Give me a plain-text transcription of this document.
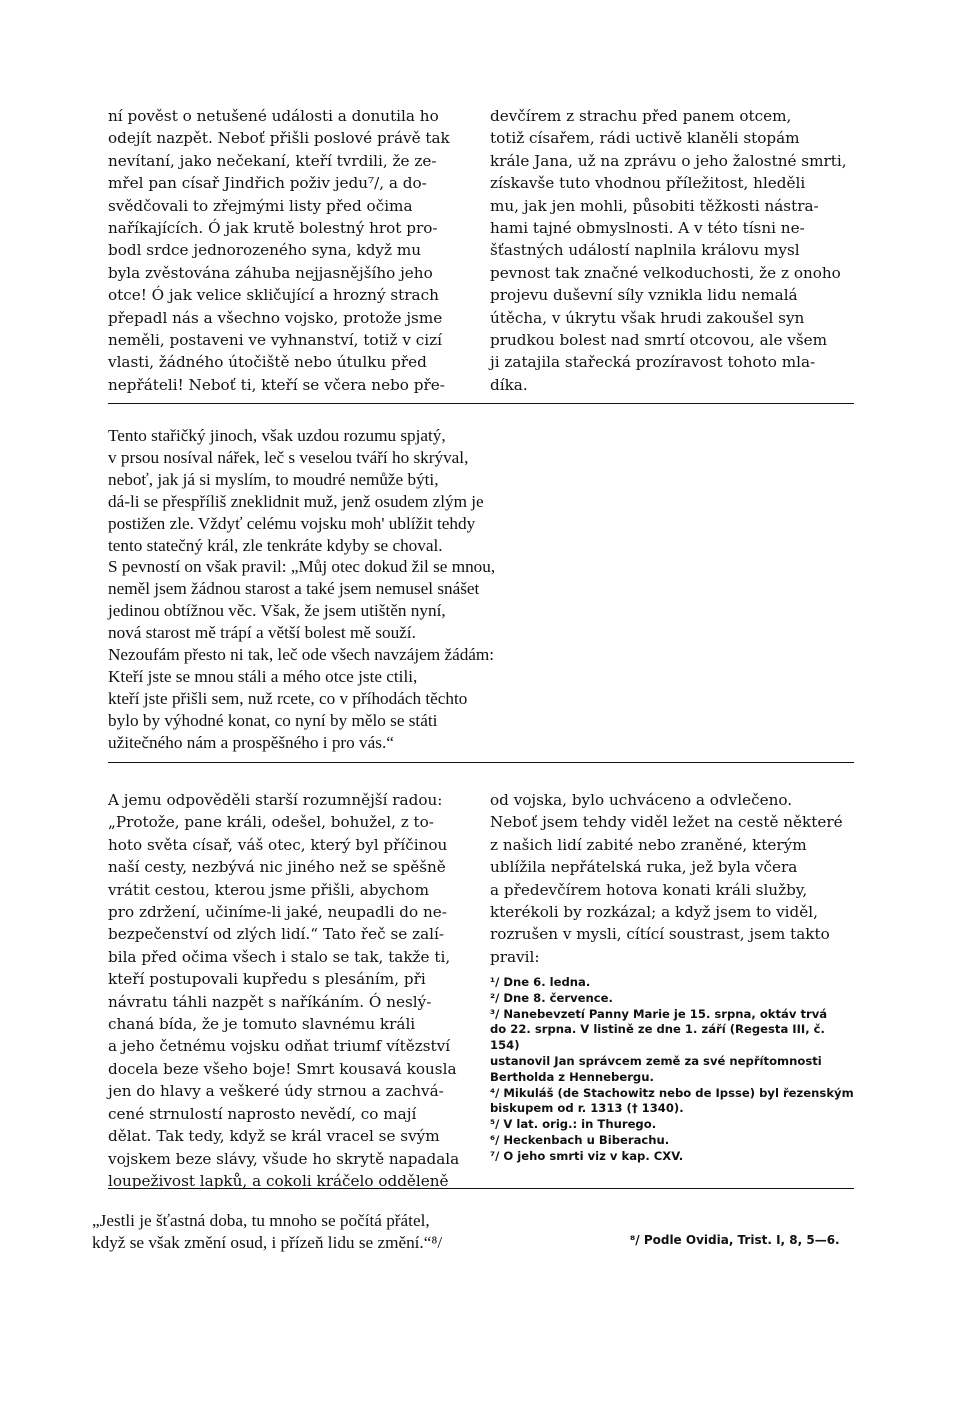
ní pověst o netušené události a donutila ho

odejít nazpět. Neboť přišli poslové právě tak

nevítaní, jako nečekaní, kteří tvrdili, že ze-

mřel pan císař Jindřich poživ jedu⁷/, a do-

svědčovali to zřejmými listy před očima

naříkajících. Ó jak krutě bolestný hrot pro-

bodl srdce jednorozeného syna, když mu

byla zvěstována záhuba nejjasnějšího jeho

otce! Ó jak velice skličující a hrozný strach

přepadl nás a všechno vojsko, protože jsme

neměli, postaveni ve vyhnanství, totiž v cizí

vlasti, žádného útočiště nebo útulku před

nepřáteli! Neboť ti, kteří se včera nebo pře-

devčírem z strachu před panem otcem,

totiž císařem, rádi uctivě klaněli stopám

krále Jana, už na zprávu o jeho žalostné smrti,

získavše tuto vhodnou příležitost, hleděli

mu, jak jen mohli, působiti těžkosti nástra-

hami tajné obmyslnosti. A v této tísni ne-

šťastných událostí naplnila královu mysl

pevnost tak značné velkoduchosti, že z onoho

projevu duševní síly vznikla lidu nemalá

útěcha, v úkrytu však hrudi zakoušel syn

prudkou bolest nad smrtí otcovou, ale všem

ji zatajila stařecká prozíravost tohoto mla-

díka.

Tento stařičký jinoch, však uzdou rozumu spjatý,
v prsou nosíval nářek, leč s veselou tváří ho skrýval,
neboť, jak já si myslím, to moudré nemůže býti,
dá-li se přespříliš zneklidnit muž, jenž osudem zlým je
postižen zle. Vždyť celému vojsku moh' ublížit tehdy
tento statečný král, zle tenkráte kdyby se choval.
S pevností on však pravil: „Můj otec dokud žil se mnou,
neměl jsem žádnou starost a také jsem nemusel snášet
jedinou obtížnou věc. Však, že jsem utištěn nyní,
nová starost mě trápí a větší bolest mě souží.
Nezoufám přesto ni tak, leč ode všech navzájem žádám:
Kteří jste se mnou stáli a mého otce jste ctili,
kteří jste přišli sem, nuž rcete, co v příhodách těchto
bylo by výhodné konat, co nyní by mělo se státi
užitečného nám a prospěšného i pro vás.“

A jemu odpověděli starší rozumnější radou:

„Protože, pane králi, odešel, bohužel, z to-

hoto světa císař, váš otec, který byl příčinou

naší cesty, nezbývá nic jiného než se spěšně

vrátit cestou, kterou jsme přišli, abychom

pro zdržení, učiníme-li jaké, neupadli do ne-

bezpečenství od zlých lidí.“ Tato řeč se zalí-

bila před očima všech i stalo se tak, takže ti,

kteří postupovali kupředu s plesáním, při

návratu táhli nazpět s naříkáním. Ó neslý-

chaná bída, že je tomuto slavnému králi

a jeho četnému vojsku odňat triumf vítězství

docela beze všeho boje! Smrt kousavá kousla

jen do hlavy a veškeré údy strnou a zachvá-

cené strnulostí naprosto nevědí, co mají

dělat. Tak tedy, když se král vracel se svým

vojskem beze slávy, všude ho skrytě napadala

loupeživost lapků, a cokoli kráčelo odděleně

od vojska, bylo uchváceno a odvlečeno.

Neboť jsem tehdy viděl ležet na cestě některé

z našich lidí zabité nebo zraněné, kterým

ublížila nepřátelská ruka, jež byla včera

a předevčírem hotova konati králi služby,

kterékoli by rozkázal; a když jsem to viděl,

rozrušen v mysli, cítící soustrast, jsem takto

pravil:

¹/ Dne 6. ledna.

²/ Dne 8. července.

³/ Nanebevzetí Panny Marie je 15. srpna, oktáv trvá

do 22. srpna. V listině ze dne 1. září (Regesta III, č. 154)

ustanovil Jan správcem země za své nepřítomnosti

Bertholda z Hennebergu.

⁴/ Mikuláš (de Stachowitz nebo de Ipsse) byl řezenským

biskupem od r. 1313 († 1340).

⁵/ V lat. orig.: in Thurego.

⁶/ Heckenbach u Biberachu.

⁷/ O jeho smrti viz v kap. CXV.

„Jestli je šťastná doba, tu mnoho se počítá přátel,
když se však změní osud, i přízeň lidu se změní.“⁸/	⁸/ Podle Ovidia, Trist. I, 8, 5—6.
